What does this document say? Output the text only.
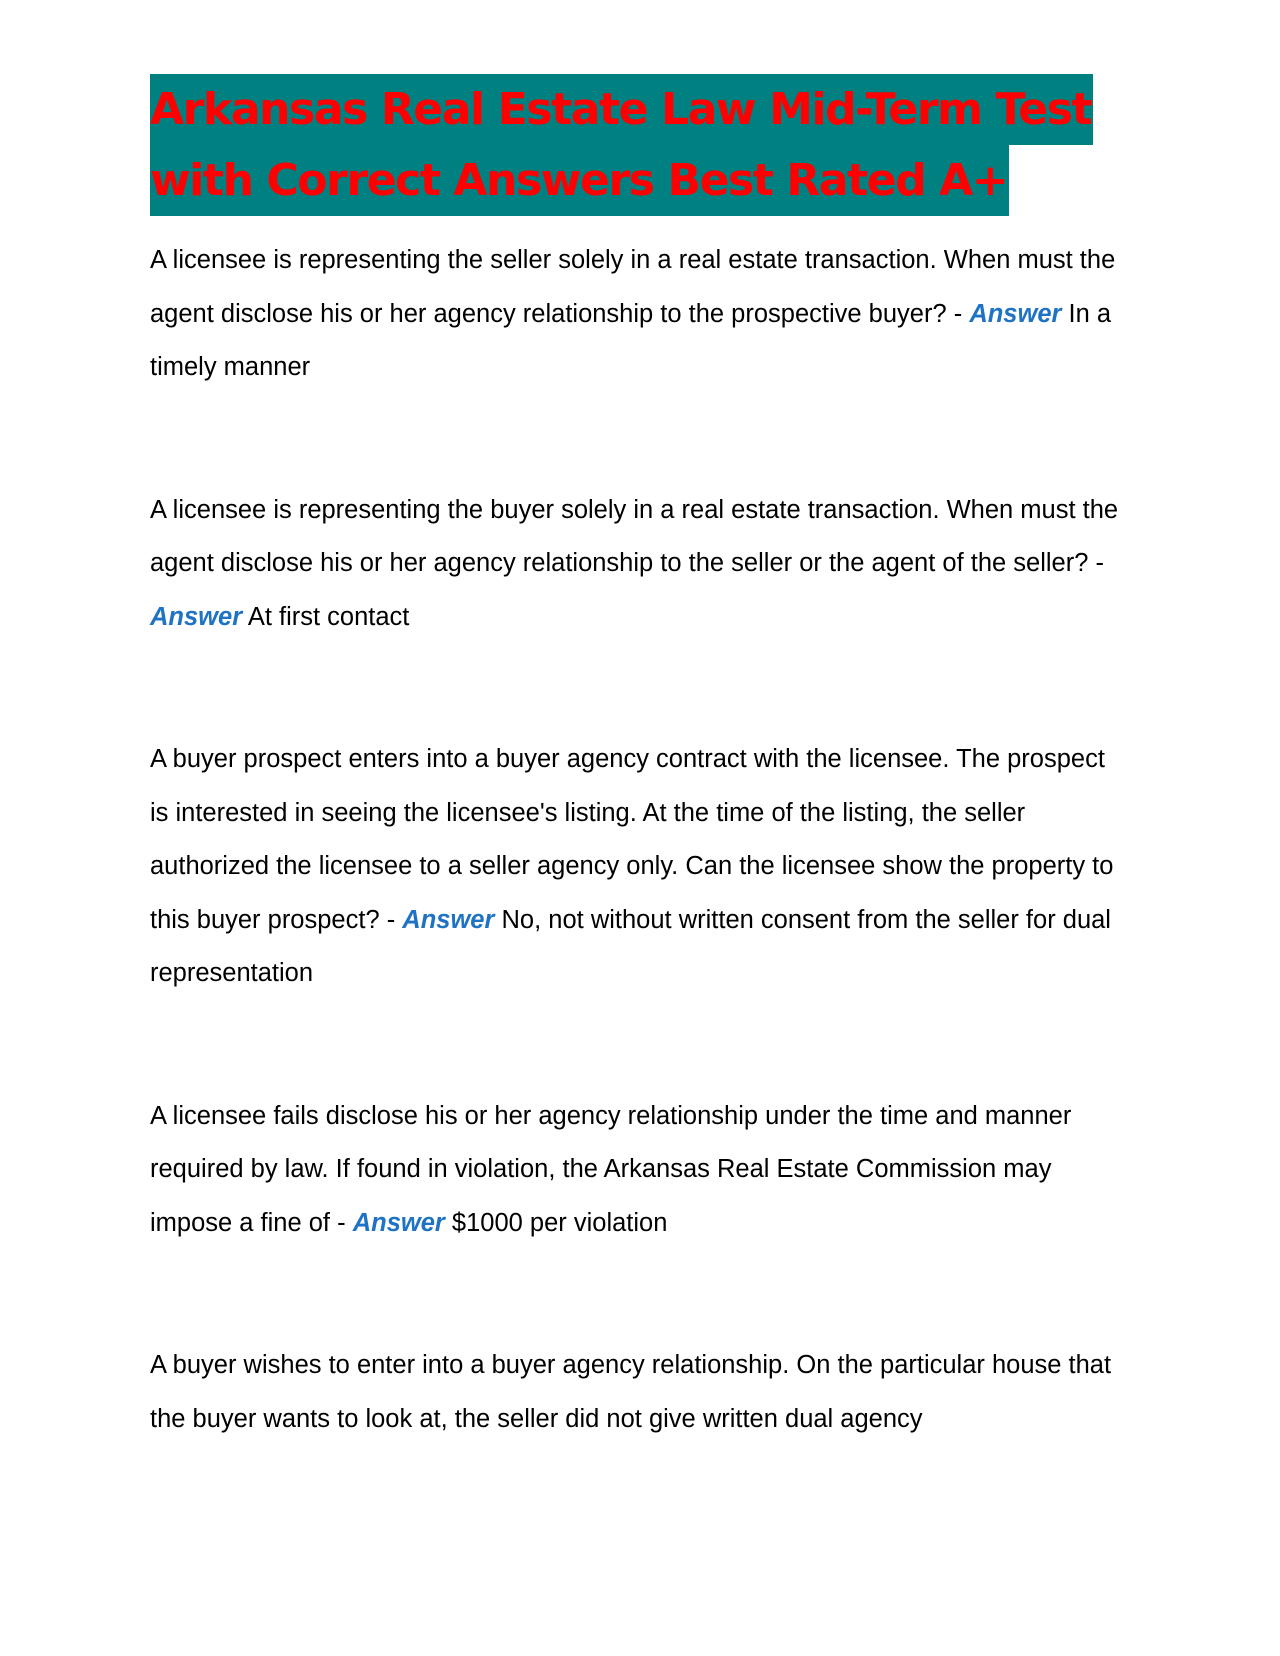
Arkansas Real Estate Law Mid-Term Test
with Correct Answers Best Rated A+

A licensee is representing the seller solely in a real estate transaction. When must the agent disclose his or her agency relationship to the prospective buyer? - Answer In a timely manner

A licensee is representing the buyer solely in a real estate transaction. When must the agent disclose his or her agency relationship to the seller or the agent of the seller? - Answer At first contact

A buyer prospect enters into a buyer agency contract with the licensee. The prospect is interested in seeing the licensee's listing. At the time of the listing, the seller authorized the licensee to a seller agency only. Can the licensee show the property to this buyer prospect? - Answer No, not without written consent from the seller for dual representation

A licensee fails disclose his or her agency relationship under the time and manner required by law. If found in violation, the Arkansas Real Estate Commission may impose a fine of - Answer $1000 per violation

A buyer wishes to enter into a buyer agency relationship. On the particular house that the buyer wants to look at, the seller did not give written dual agency
